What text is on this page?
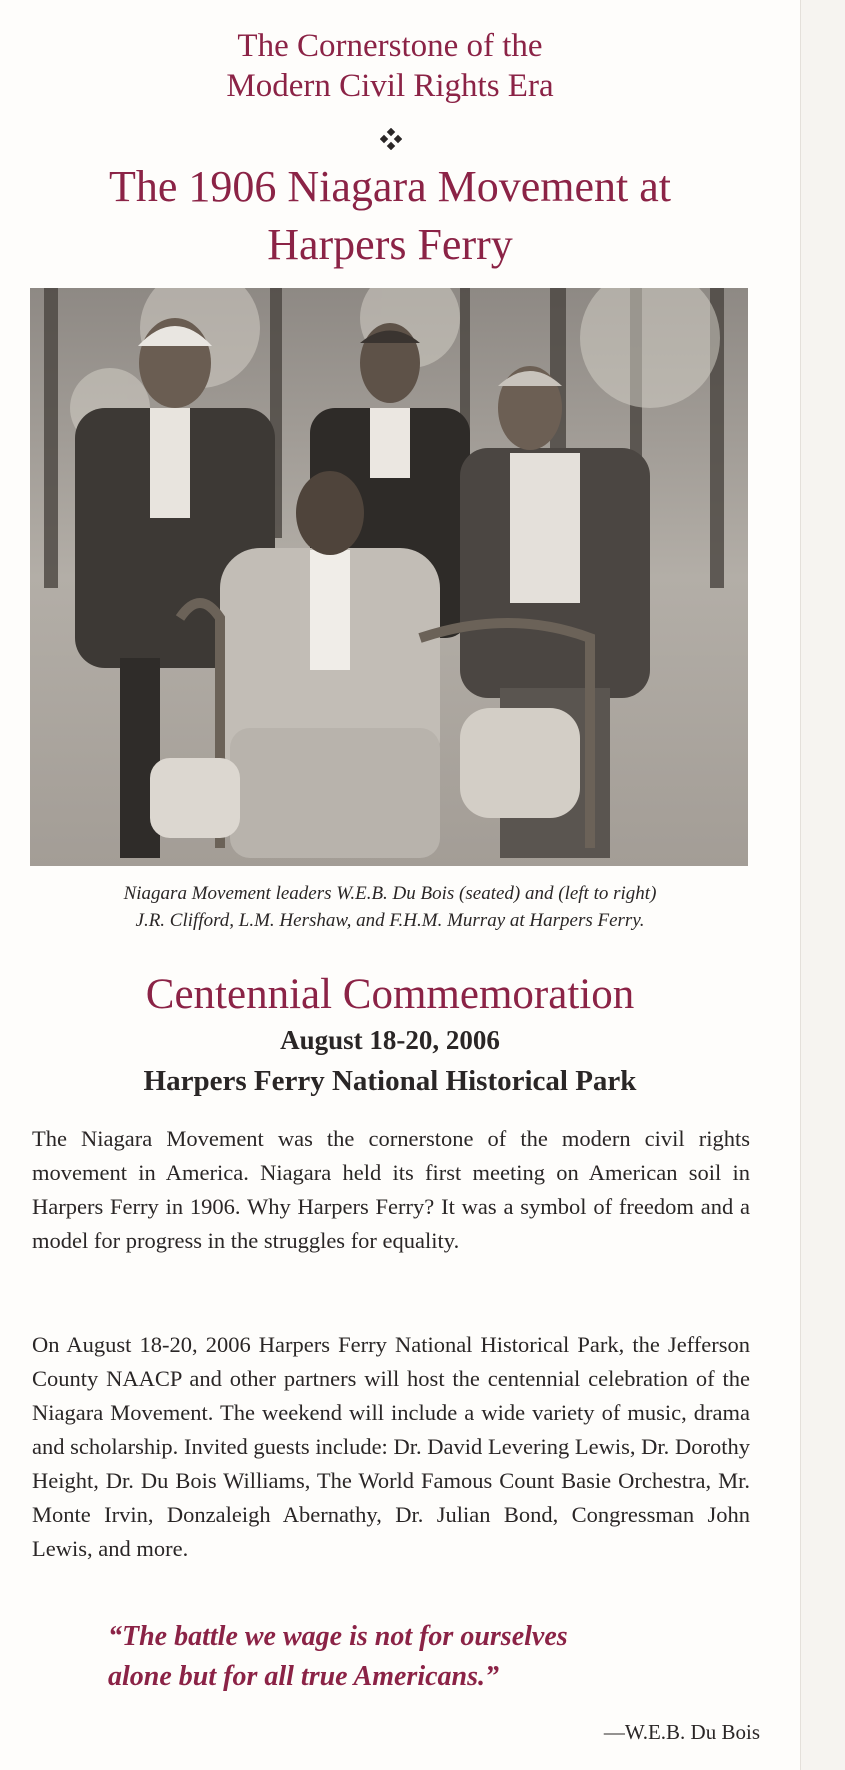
The Cornerstone of the
Modern Civil Rights Era
The 1906 Niagara Movement at
Harpers Ferry
Niagara Movement leaders W.E.B. Du Bois (seated) and (left to right)
J.R. Clifford, L.M. Hershaw, and F.H.M. Murray at Harpers Ferry.
Centennial Commemoration
August 18-20, 2006
Harpers Ferry National Historical Park

The Niagara Movement was the cornerstone of the modern civil rights movement in America. Niagara held its first meeting on American soil in Harpers Ferry in 1906. Why Harpers Ferry? It was a symbol of freedom and a model for progress in the struggles for equality.

On August 18-20, 2006 Harpers Ferry National Historical Park, the Jefferson County NAACP and other partners will host the centennial celebration of the Niagara Movement. The weekend will include a wide variety of music, drama and scholarship. Invited guests include: Dr. David Levering Lewis, Dr. Dorothy Height, Dr. Du Bois Williams, The World Famous Count Basie Orchestra, Mr. Monte Irvin, Donzaleigh Abernathy, Dr. Julian Bond, Congressman John Lewis, and more.

“The battle we wage is not for ourselves
alone but for all true Americans.”
—W.E.B. Du Bois
